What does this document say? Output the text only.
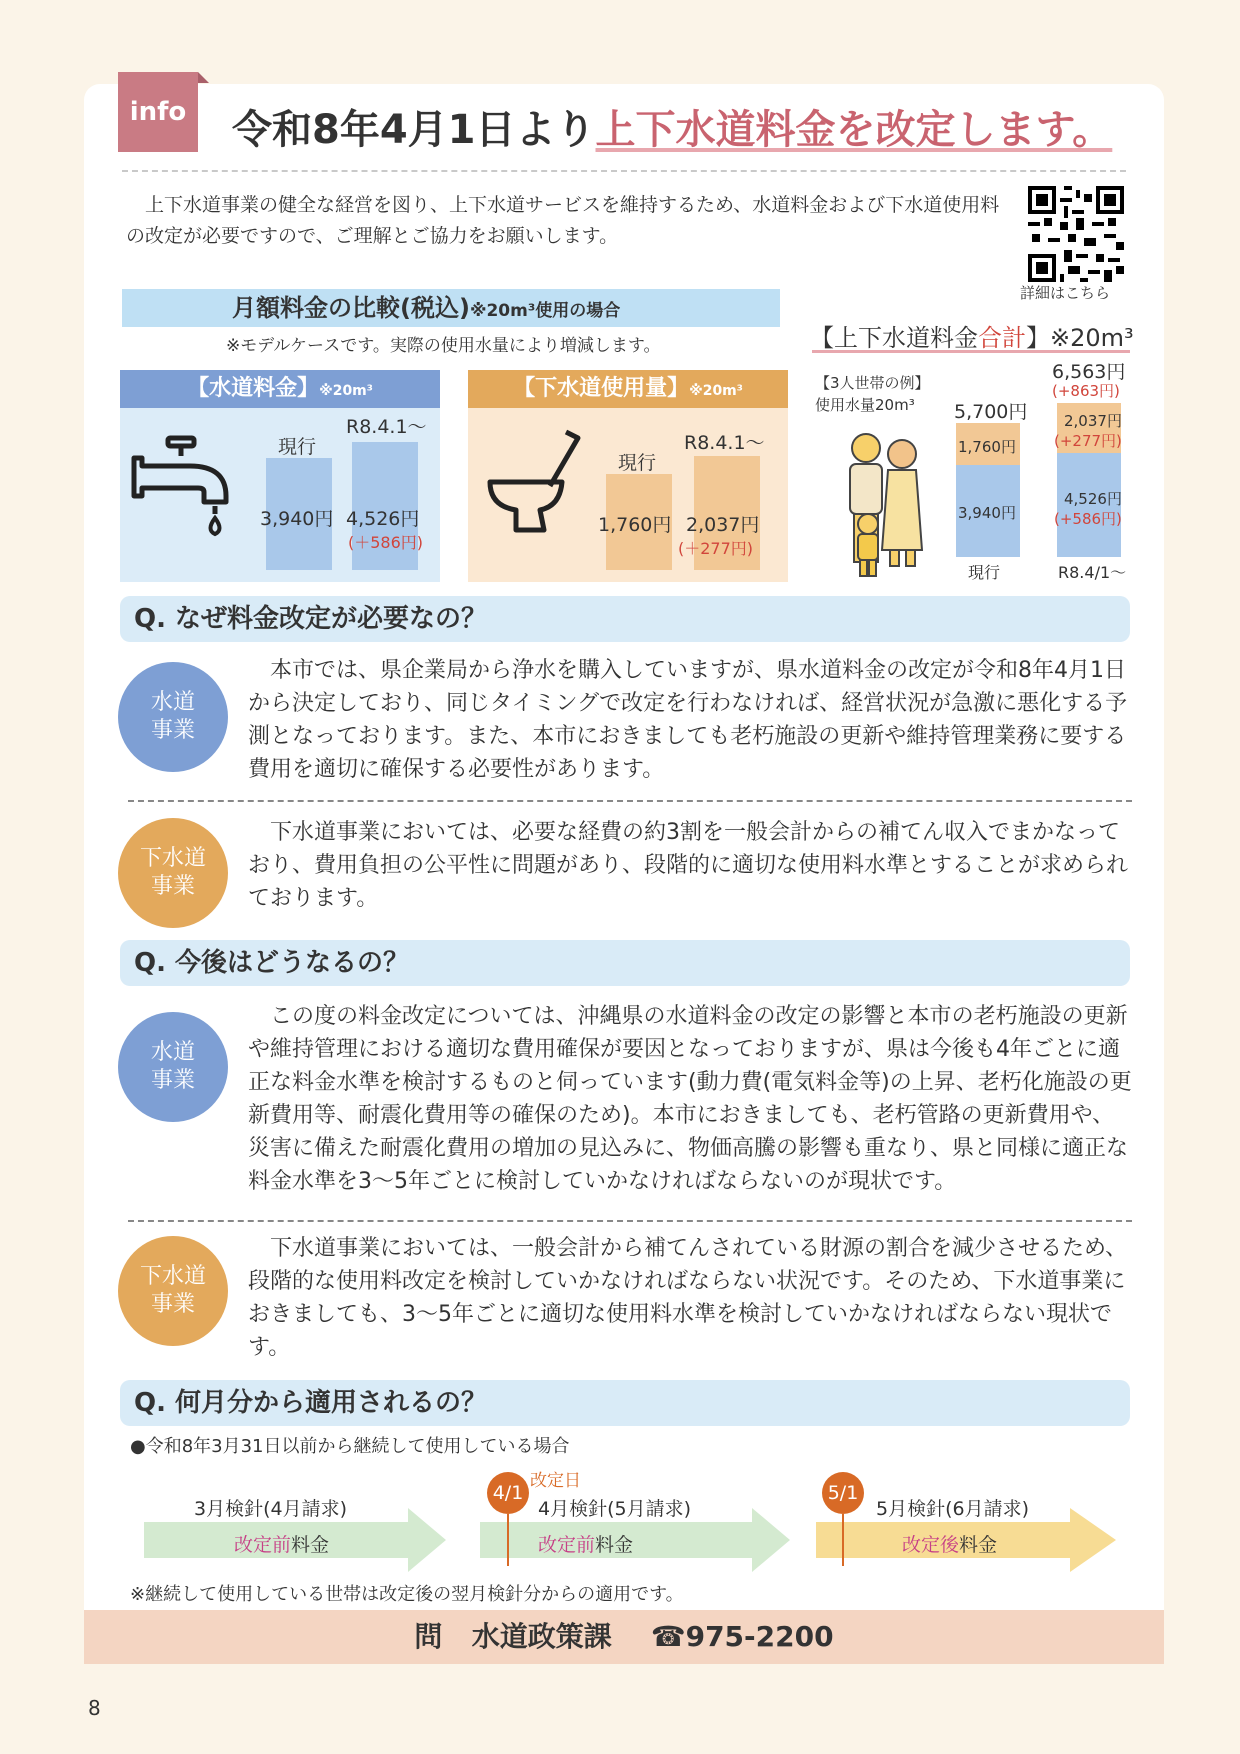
info 令和8年4月1日より上下水道料金を改定します。
　上下水道事業の健全な経営を図り、上下水道サービスを維持するため、水道料金および下水道使用料の改定が必要ですので、ご理解とご協力をお願いします。
詳細はこちら
月額料金の比較(税込)※20m³使用の場合
※モデルケースです。実際の使用水量により増減します。
【水道料金】※20m³
現行
R8.4.1～
3,940円 4,526円
(＋586円)
【下水道使用量】※20m³
現行
R8.4.1～
1,760円 2,037円
(＋277円)
【上下水道料金合計】※20m³
【3人世帯の例】
使用水量20m³	5,700円
1,760円
3,940円
現行
6,563円
(+863円)
2,037円
(+277円)
4,526円
(+586円)
R8.4/1～
Q. なぜ料金改定が必要なの？
水道
事業
　本市では、県企業局から浄水を購入していますが、県水道料金の改定が令和8年4月1日から決定しており、同じタイミングで改定を行わなければ、経営状況が急激に悪化する予測となっております。また、本市におきましても老朽施設の更新や維持管理業務に要する費用を適切に確保する必要性があります。
下水道
事業
　下水道事業においては、必要な経費の約3割を一般会計からの補てん収入でまかなっており、費用負担の公平性に問題があり、段階的に適切な使用料水準とすることが求められております。
Q. 今後はどうなるの？
水道
事業
　この度の料金改定については、沖縄県の水道料金の改定の影響と本市の老朽施設の更新や維持管理における適切な費用確保が要因となっておりますが、県は今後も4年ごとに適正な料金水準を検討するものと伺っています(動力費(電気料金等)の上昇、老朽化施設の更新費用等、耐震化費用等の確保のため)。本市におきましても、老朽管路の更新費用や、災害に備えた耐震化費用の増加の見込みに、物価高騰の影響も重なり、県と同様に適正な料金水準を3～5年ごとに検討していかなければならないのが現状です。
下水道
事業
　下水道事業においては、一般会計から補てんされている財源の割合を減少させるため、段階的な使用料改定を検討していかなければならない状況です。そのため、下水道事業におきましても、3～5年ごとに適切な使用料水準を検討していかなければならない現状です。
Q. 何月分から適用されるの？
●令和8年3月31日以前から継続して使用している場合
3月検針(4月請求)
改定前料金
4月検針(5月請求)
改定前料金
5月検針(6月請求)
改定後料金
改定日
4/1	5/1
※継続して使用している世帯は改定後の翌月検針分からの適用です。
問 水道政策課 ☎975-2200
8
